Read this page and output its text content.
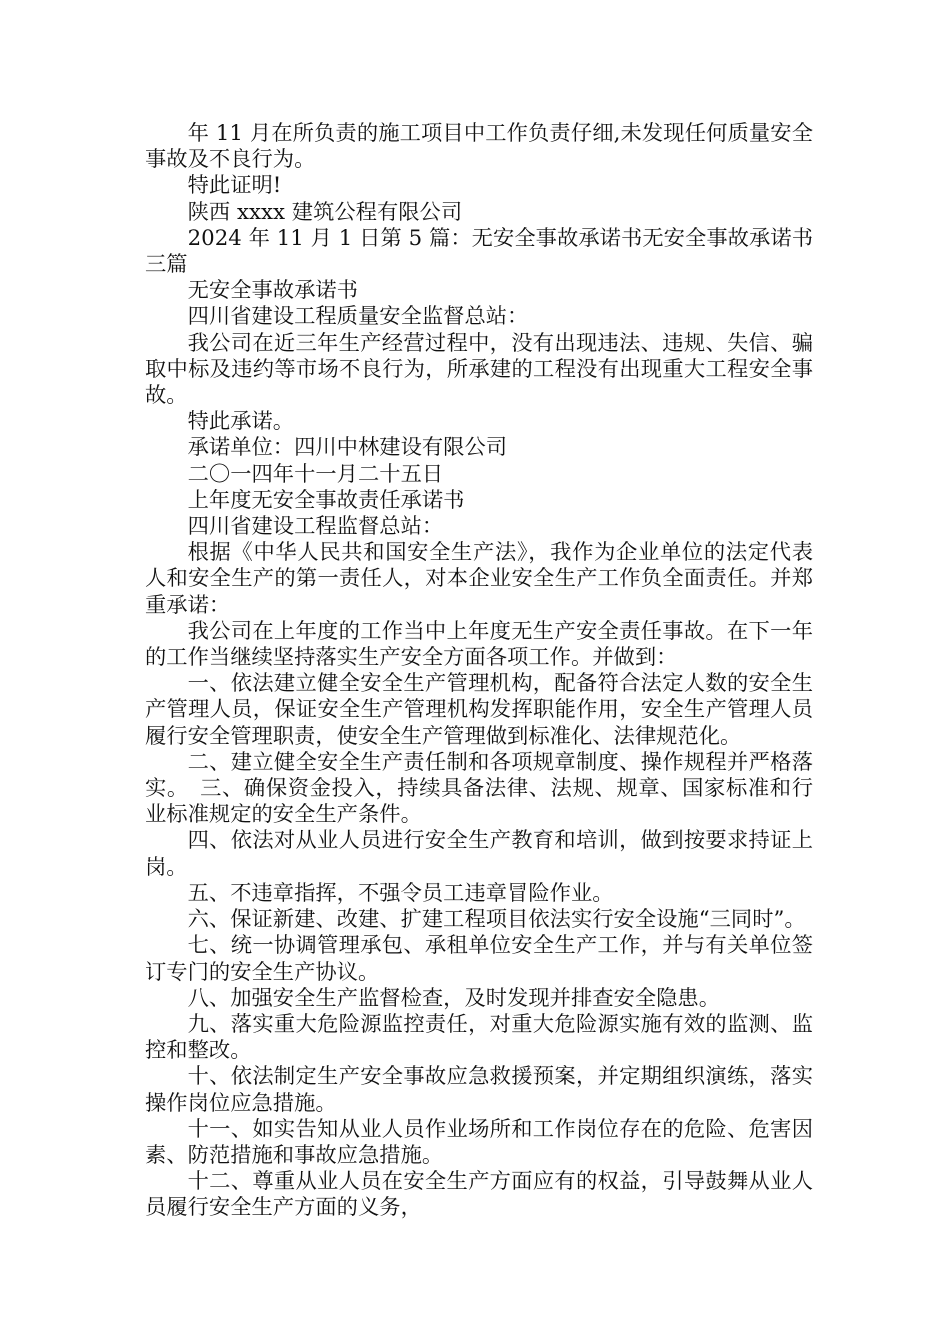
年 11 月在所负责的施工项目中工作负责仔细,未发现任何质量安全事故及不良行为。

特此证明!

陕西 xxxx 建筑公程有限公司

2024 年 11 月 1 日第 5 篇：无安全事故承诺书无安全事故承诺书三篇

无安全事故承诺书

四川省建设工程质量安全监督总站：

我公司在近三年生产经营过程中，没有出现违法、违规、失信、骗取中标及违约等市场不良行为，所承建的工程没有出现重大工程安全事故。

特此承诺。

承诺单位：四川中林建设有限公司

二〇一四年十一月二十五日

上年度无安全事故责任承诺书

四川省建设工程监督总站：

根据《中华人民共和国安全生产法》，我作为企业单位的法定代表人和安全生产的第一责任人，对本企业安全生产工作负全面责任。并郑重承诺：

我公司在上年度的工作当中上年度无生产安全责任事故。在下一年的工作当继续坚持落实生产安全方面各项工作。并做到：

一、依法建立健全安全生产管理机构，配备符合法定人数的安全生产管理人员，保证安全生产管理机构发挥职能作用，安全生产管理人员履行安全管理职责，使安全生产管理做到标准化、法律规范化。

二、建立健全安全生产责任制和各项规章制度、操作规程并严格落实。　三、确保资金投入，持续具备法律、法规、规章、国家标准和行业标准规定的安全生产条件。

四、依法对从业人员进行安全生产教育和培训，做到按要求持证上岗。

五、不违章指挥，不强令员工违章冒险作业。

六、保证新建、改建、扩建工程项目依法实行安全设施“三同时”。

七、统一协调管理承包、承租单位安全生产工作，并与有关单位签订专门的安全生产协议。

八、加强安全生产监督检查，及时发现并排查安全隐患。

九、落实重大危险源监控责任，对重大危险源实施有效的监测、监控和整改。

十、依法制定生产安全事故应急救援预案，并定期组织演练，落实操作岗位应急措施。

十一、如实告知从业人员作业场所和工作岗位存在的危险、危害因素、防范措施和事故应急措施。

十二、尊重从业人员在安全生产方面应有的权益，引导鼓舞从业人员履行安全生产方面的义务，
